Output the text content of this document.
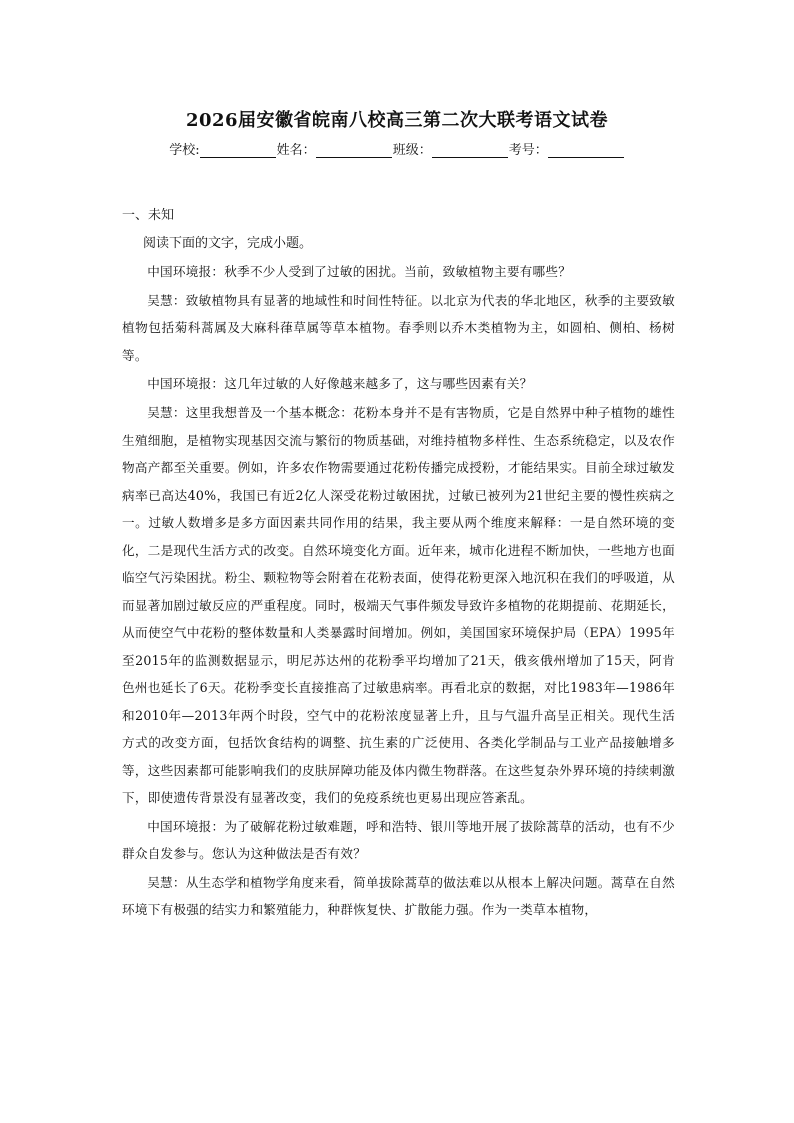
2026届安徽省皖南八校高三第二次大联考语文试卷
学校:	姓名：	班级：	考号：
一、未知
阅读下面的文字，完成小题。

中国环境报：秋季不少人受到了过敏的困扰。当前，致敏植物主要有哪些？

吴慧：致敏植物具有显著的地域性和时间性特征。以北京为代表的华北地区，秋季的主要致敏植物包括菊科蒿属及大麻科葎草属等草本植物。春季则以乔木类植物为主，如圆柏、侧柏、杨树等。

中国环境报：这几年过敏的人好像越来越多了，这与哪些因素有关？

吴慧：这里我想普及一个基本概念：花粉本身并不是有害物质，它是自然界中种子植物的雄性生殖细胞，是植物实现基因交流与繁衍的物质基础，对维持植物多样性、生态系统稳定，以及农作物高产都至关重要。例如，许多农作物需要通过花粉传播完成授粉，才能结果实。目前全球过敏发病率已高达40%，我国已有近2亿人深受花粉过敏困扰，过敏已被列为21世纪主要的慢性疾病之一。过敏人数增多是多方面因素共同作用的结果，我主要从两个维度来解释：一是自然环境的变化，二是现代生活方式的改变。自然环境变化方面。近年来，城市化进程不断加快，一些地方也面临空气污染困扰。粉尘、颗粒物等会附着在花粉表面，使得花粉更深入地沉积在我们的呼吸道，从而显著加剧过敏反应的严重程度。同时，极端天气事件频发导致许多植物的花期提前、花期延长，从而使空气中花粉的整体数量和人类暴露时间增加。例如，美国国家环境保护局（EPA）1995年至2015年的监测数据显示，明尼苏达州的花粉季平均增加了21天，俄亥俄州增加了15天，阿肯色州也延长了6天。花粉季变长直接推高了过敏患病率。再看北京的数据，对比1983年—1986年和2010年—2013年两个时段，空气中的花粉浓度显著上升，且与气温升高呈正相关。现代生活方式的改变方面，包括饮食结构的调整、抗生素的广泛使用、各类化学制品与工业产品接触增多等，这些因素都可能影响我们的皮肤屏障功能及体内微生物群落。在这些复杂外界环境的持续刺激下，即使遗传背景没有显著改变，我们的免疫系统也更易出现应答紊乱。

中国环境报：为了破解花粉过敏难题，呼和浩特、银川等地开展了拔除蒿草的活动，也有不少群众自发参与。您认为这种做法是否有效？

吴慧：从生态学和植物学角度来看，简单拔除蒿草的做法难以从根本上解决问题。蒿草在自然环境下有极强的结实力和繁殖能力，种群恢复快、扩散能力强。作为一类草本植物，
